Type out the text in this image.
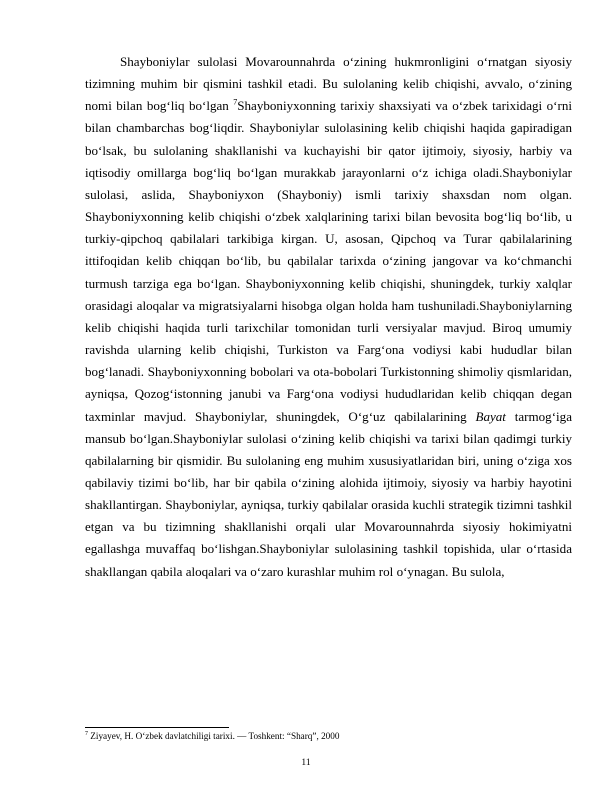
Shayboniylar sulolasi Movarounnahrda o‘zining hukmronligini o‘rnatgan siyosiy tizimning muhim bir qismini tashkil etadi. Bu sulolaning kelib chiqishi, avvalo, o‘zining nomi bilan bog‘liq bo‘lgan $^7$Shayboniyxonning tarixiy shaxsiyati va o‘zbek tarixidagi o‘rni bilan chambarchas bog‘liqdir. Shayboniylar sulolasining kelib chiqishi haqida gapiradigan bo‘lsak, bu sulolaning shakllanishi va kuchayishi bir qator ijtimoiy, siyosiy, harbiy va iqtisodiy omillarga bog‘liq bo‘lgan murakkab jarayonlarni o‘z ichiga oladi.Shayboniylar sulolasi, aslida, Shayboniyxon (Shayboniy) ismli tarixiy shaxsdan nom olgan. Shayboniyxonning kelib chiqishi o‘zbek xalqlarining tarixi bilan bevosita bog‘liq bo‘lib, u turkiy-qipchoq qabilalari tarkibiga kirgan. U, asosan, Qipchoq va Turar qabilalarining ittifoqidan kelib chiqqan bo‘lib, bu qabilalar tarixda o‘zining jangovar va ko‘chmanchi turmush tarziga ega bo‘lgan. Shayboniyxonning kelib chiqishi, shuningdek, turkiy xalqlar orasidagi aloqalar va migratsiyalarni hisobga olgan holda ham tushuniladi.Shayboniylarning kelib chiqishi haqida turli tarixchilar tomonidan turli versiyalar mavjud. Biroq umumiy ravishda ularning kelib chiqishi, Turkiston va Farg‘ona vodiysi kabi hududlar bilan bog‘lanadi. Shayboniyxonning bobolari va ota-bobolari Turkistonning shimoliy qismlaridan, ayniqsa, Qozog‘istonning janubi va Farg‘ona vodiysi hududlaridan kelib chiqqan degan taxminlar mavjud. Shayboniylar, shuningdek, O‘g‘uz qabilalarining Bayat tarmog‘iga mansub bo‘lgan.Shayboniylar sulolasi o‘zining kelib chiqishi va tarixi bilan qadimgi turkiy qabilalarning bir qismidir. Bu sulolaning eng muhim xususiyatlaridan biri, uning o‘ziga xos qabilaviy tizimi bo‘lib, har bir qabila o‘zining alohida ijtimoiy, siyosiy va harbiy hayotini shakllantirgan. Shayboniylar, ayniqsa, turkiy qabilalar orasida kuchli strategik tizimni tashkil etgan va bu tizimning shakllanishi orqali ular Movarounnahrda siyosiy hokimiyatni egallashga muvaffaq bo‘lishgan.Shayboniylar sulolasining tashkil topishida, ular o‘rtasida shakllangan qabila aloqalari va o‘zaro kurashlar muhim rol o‘ynagan. Bu sulola,

$^7$ Ziyayev, H. O‘zbek davlatchiligi tarixi. — Toshkent: “Sharq”, 2000
11
